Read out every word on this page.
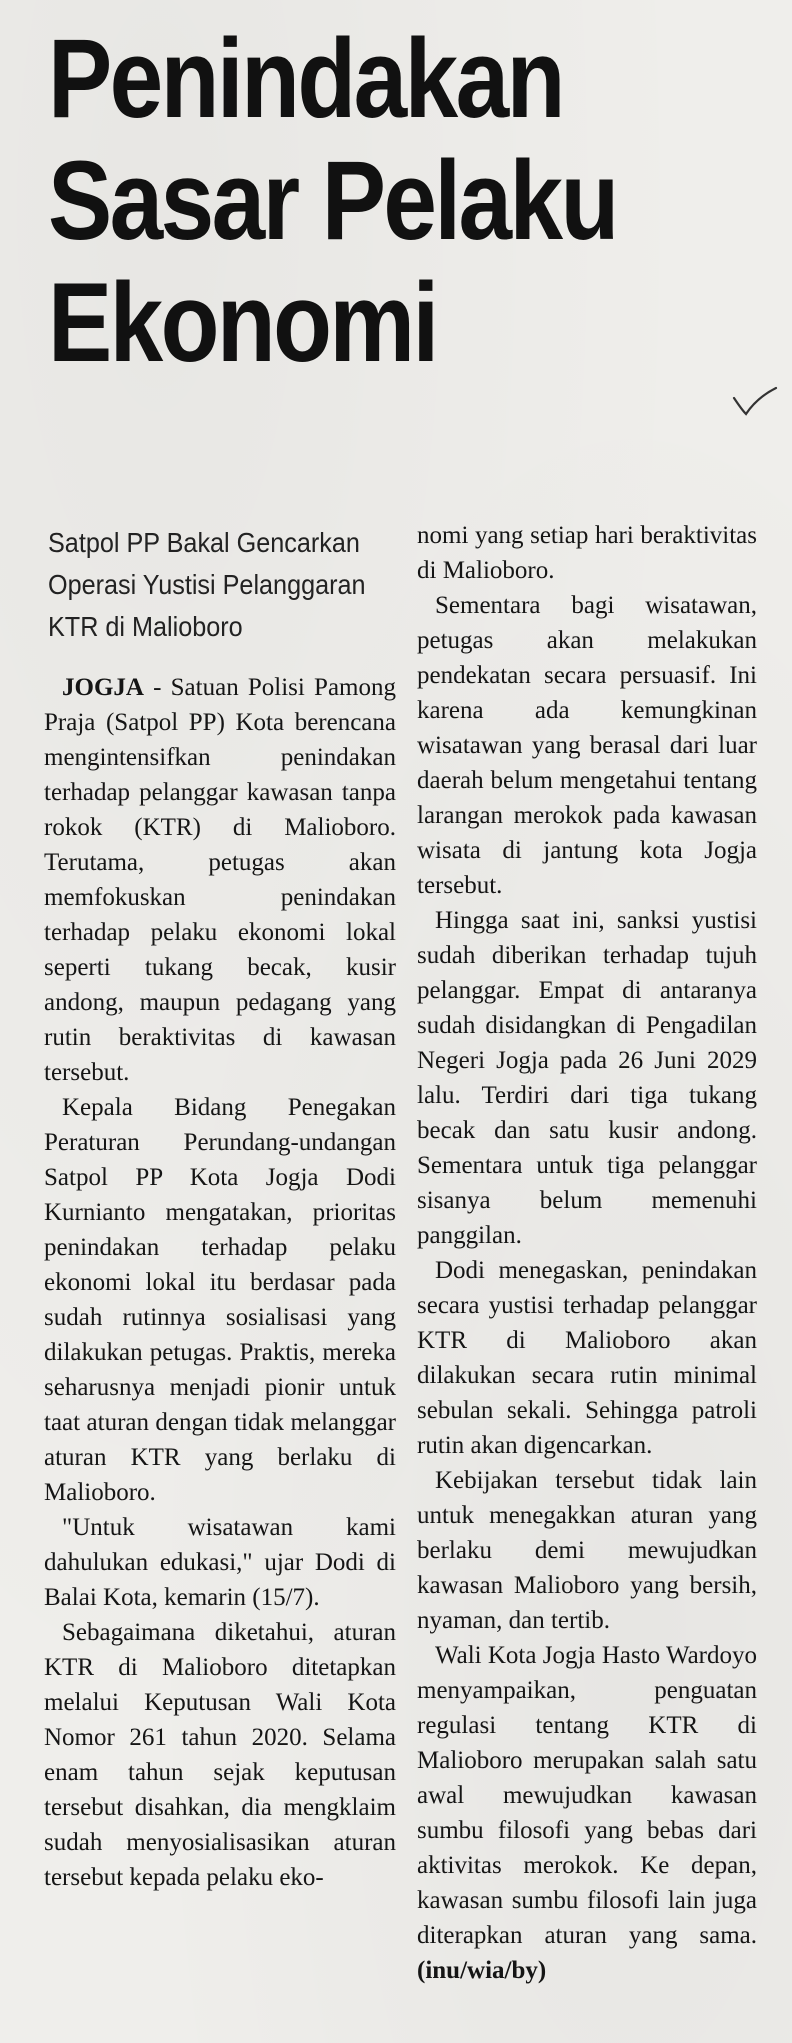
Penindakan
Sasar Pelaku
Ekonomi
Satpol PP Bakal Gencarkan Operasi Yustisi Pelanggaran KTR di Malioboro

JOGJA - Satuan Polisi Pamong Praja (Satpol PP) Kota berencana mengintensifkan penindakan terhadap pelanggar kawasan tanpa rokok (KTR) di Malioboro. Terutama, petugas akan memfokuskan penindakan terhadap pelaku ekonomi lokal seperti tukang becak, kusir andong, maupun pedagang yang rutin beraktivitas di kawasan tersebut.

Kepala Bidang Penegakan Peraturan Perundang-undangan Satpol PP Kota Jogja Dodi Kurnianto mengatakan, prioritas penindakan terhadap pelaku ekonomi lokal itu berdasar pada sudah rutinnya sosialisasi yang dilakukan petugas. Praktis, mereka seharusnya menjadi pionir untuk taat aturan dengan tidak melanggar aturan KTR yang berlaku di Malioboro.

"Untuk wisatawan kami dahulukan edukasi," ujar Dodi di Balai Kota, kemarin (15/7).

Sebagaimana diketahui, aturan KTR di Malioboro ditetapkan melalui Keputusan Wali Kota Nomor 261 tahun 2020. Selama enam tahun sejak keputusan tersebut disahkan, dia mengklaim sudah menyosialisasikan aturan tersebut kepada pelaku eko-

nomi yang setiap hari beraktivitas di Malioboro.

Sementara bagi wisatawan, petugas akan melakukan pendekatan secara persuasif. Ini karena ada kemungkinan wisatawan yang berasal dari luar daerah belum mengetahui tentang larangan merokok pada kawasan wisata di jantung kota Jogja tersebut.

Hingga saat ini, sanksi yustisi sudah diberikan terhadap tujuh pelanggar. Empat di antaranya sudah disidangkan di Pengadilan Negeri Jogja pada 26 Juni 2029 lalu. Terdiri dari tiga tukang becak dan satu kusir andong. Sementara untuk tiga pelanggar sisanya belum memenuhi panggilan.

Dodi menegaskan, penindakan secara yustisi terhadap pelanggar KTR di Malioboro akan dilakukan secara rutin minimal sebulan sekali. Sehingga patroli rutin akan digencarkan.

Kebijakan tersebut tidak lain untuk menegakkan aturan yang berlaku demi mewujudkan kawasan Malioboro yang bersih, nyaman, dan tertib.

Wali Kota Jogja Hasto Wardoyo menyampaikan, penguatan regulasi tentang KTR di Malioboro merupakan salah satu awal mewujudkan kawasan sumbu filosofi yang bebas dari aktivitas merokok. Ke depan, kawasan sumbu filosofi lain juga diterapkan aturan yang sama. (inu/wia/by)
